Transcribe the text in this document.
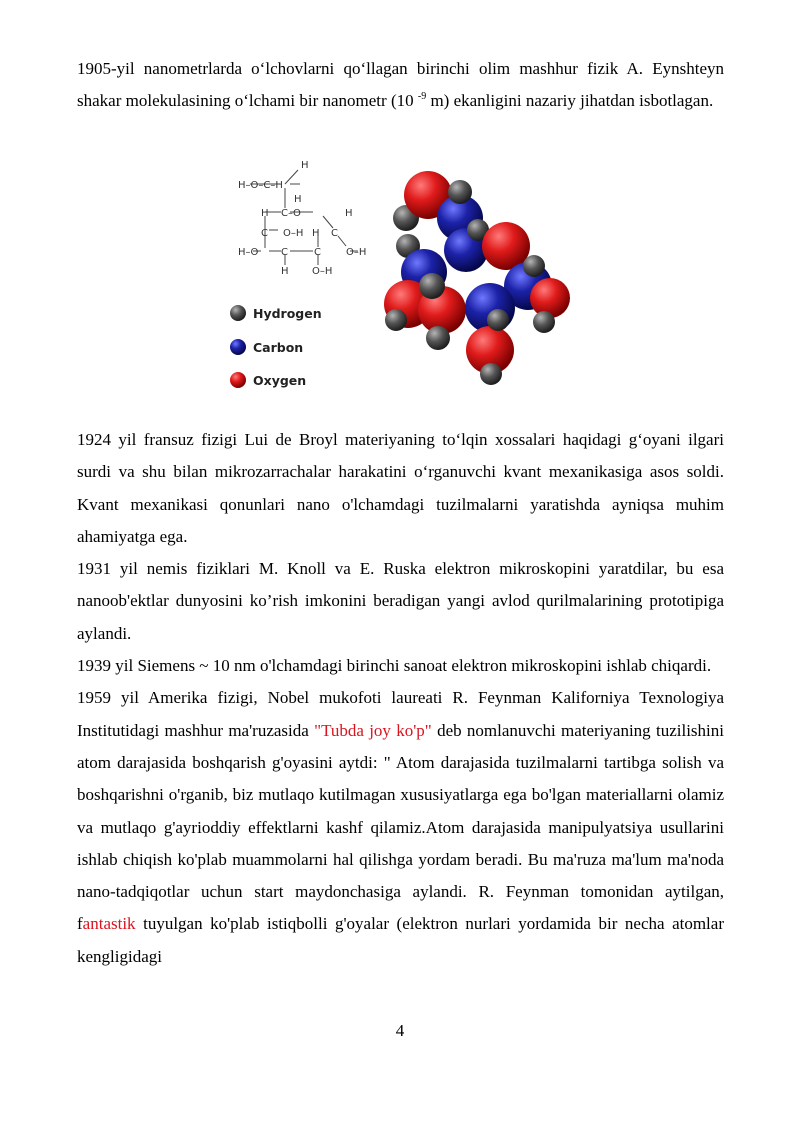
1905-yil nanometrlarda o‘lchovlarni qo‘llagan birinchi olim mashhur fizik A. Eynshteyn shakar molekulasining o‘lchami bir nanometr (10 $^{-9}$ m) ekanligini nazariy jihatdan isbotlagan.

H
H–O–C–H
H
H C–O	H
C O–H H C
H–O C	C	O–H
H O–H
Hydrogen
Carbon
Oxygen

1924 yil fransuz fizigi Lui de Broyl materiyaning to‘lqin xossalari haqidagi g‘oyani ilgari surdi va shu bilan mikrozarrachalar harakatini o‘rganuvchi kvant mexanikasiga asos soldi. Kvant mexanikasi qonunlari nano o'lchamdagi tuzilmalarni yaratishda ayniqsa muhim ahamiyatga ega.

1931 yil nemis fiziklari M. Knoll va E. Ruska elektron mikroskopini yaratdilar, bu esa nanoob'ektlar dunyosini ko’rish imkonini beradigan yangi avlod qurilmalarining prototipiga aylandi.

1939 yil Siemens ~ 10 nm o'lchamdagi birinchi sanoat elektron mikroskopini ishlab chiqardi.

1959 yil Amerika fizigi, Nobel mukofoti laureati R. Feynman Kaliforniya Texnologiya Institutidagi mashhur ma'ruzasida "Tubda joy ko'p" deb nomlanuvchi materiyaning tuzilishini atom darajasida boshqarish g'oyasini aytdi: " Atom darajasida tuzilmalarni tartibga solish va boshqarishni o'rganib, biz mutlaqo kutilmagan xususiyatlarga ega bo'lgan materiallarni olamiz va mutlaqo g'ayrioddiy effektlarni kashf qilamiz.Atom darajasida manipulyatsiya usullarini ishlab chiqish ko'plab muammolarni hal qilishga yordam beradi. Bu ma'ruza ma'lum ma'noda nano-tadqiqotlar uchun start maydonchasiga aylandi. R. Feynman tomonidan aytilgan, fantastik tuyulgan ko'plab istiqbolli g'oyalar (elektron nurlari yordamida bir necha atomlar kengligidagi

4
